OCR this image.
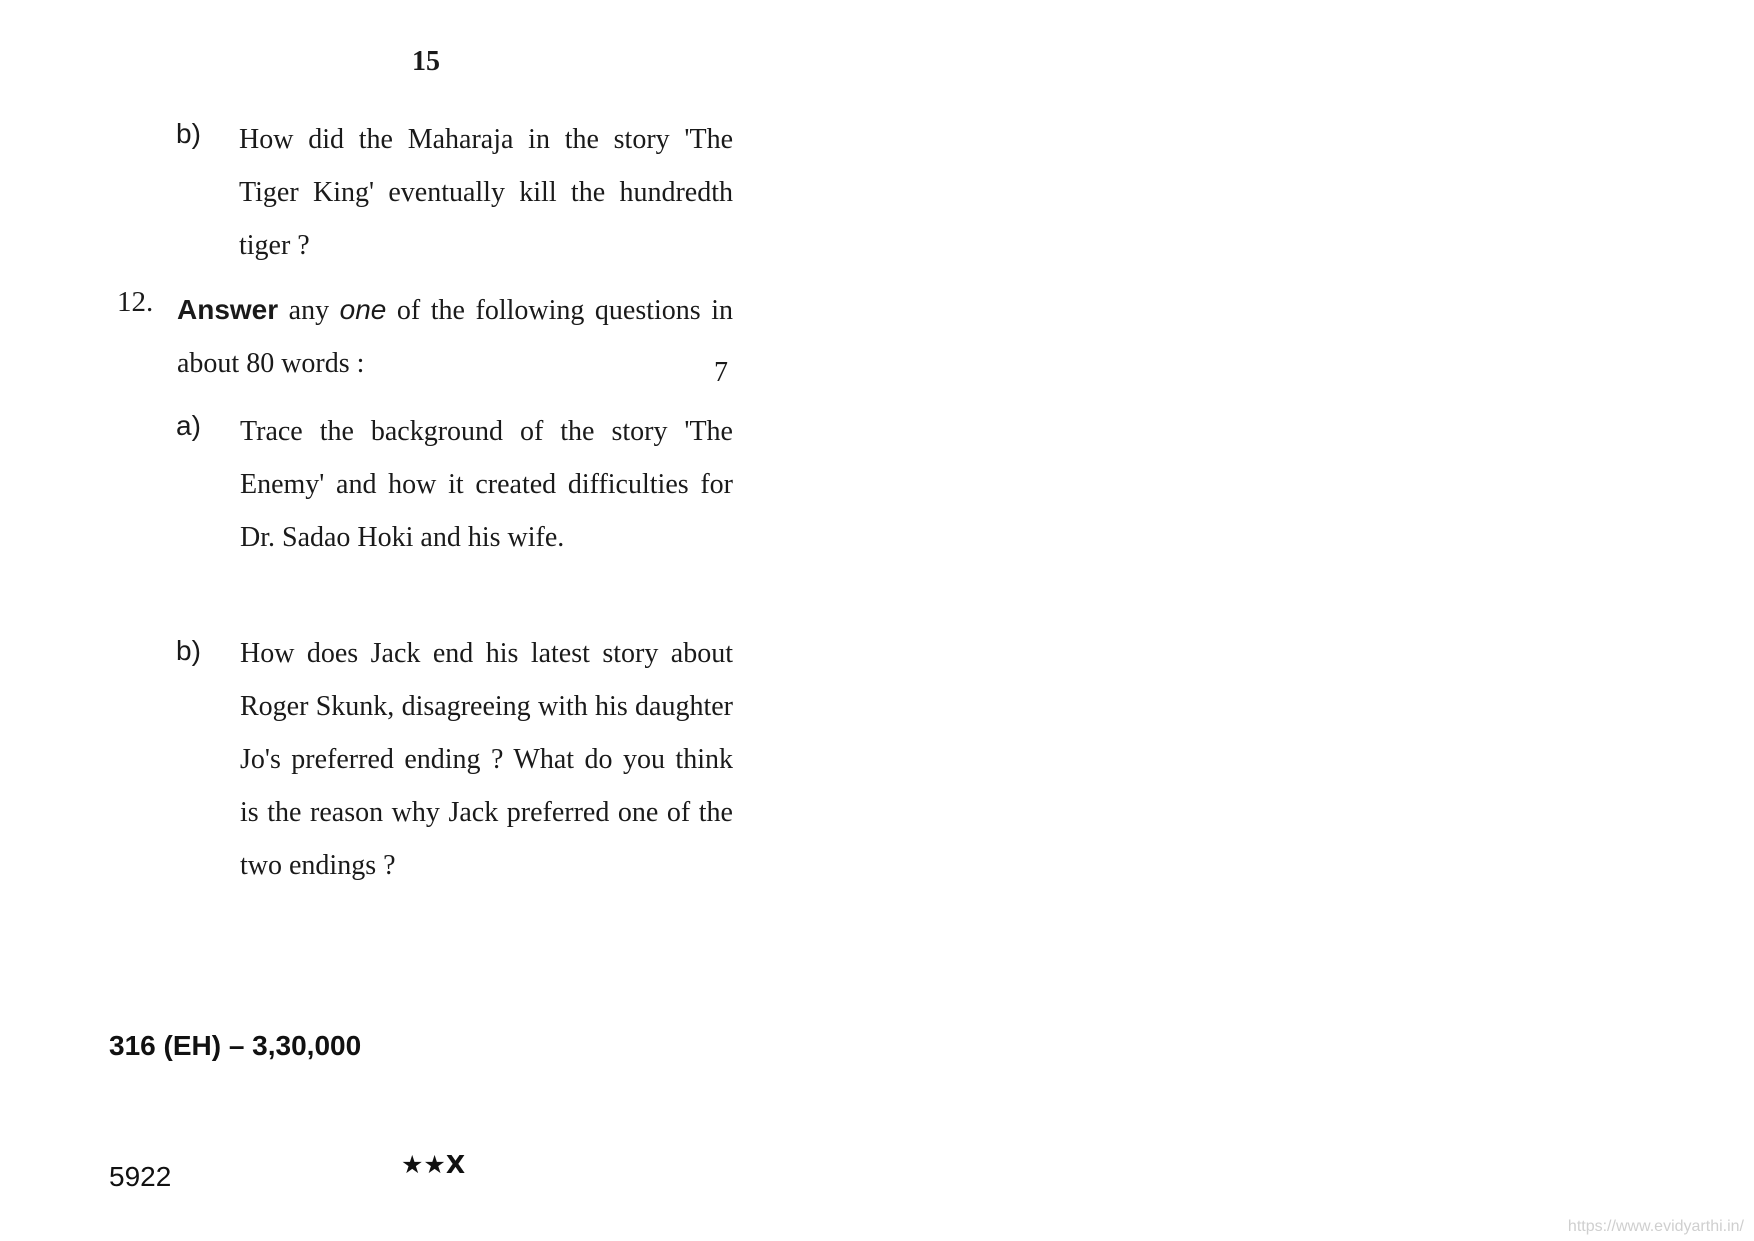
15
b) How did the Maharaja in the story 'The Tiger King' eventually kill the hundredth tiger ?
12. Answer any one of the following questions in about 80 words :	7
a) Trace the background of the story 'The Enemy' and how it created difficulties for Dr. Sadao Hoki and his wife.
b) How does Jack end his latest story about Roger Skunk, disagreeing with his daughter Jo's preferred ending ? What do you think is the reason why Jack preferred one of the two endings ?
316 (EH) – 3,30,000
5922	★★X
https://www.evidyarthi.in/
